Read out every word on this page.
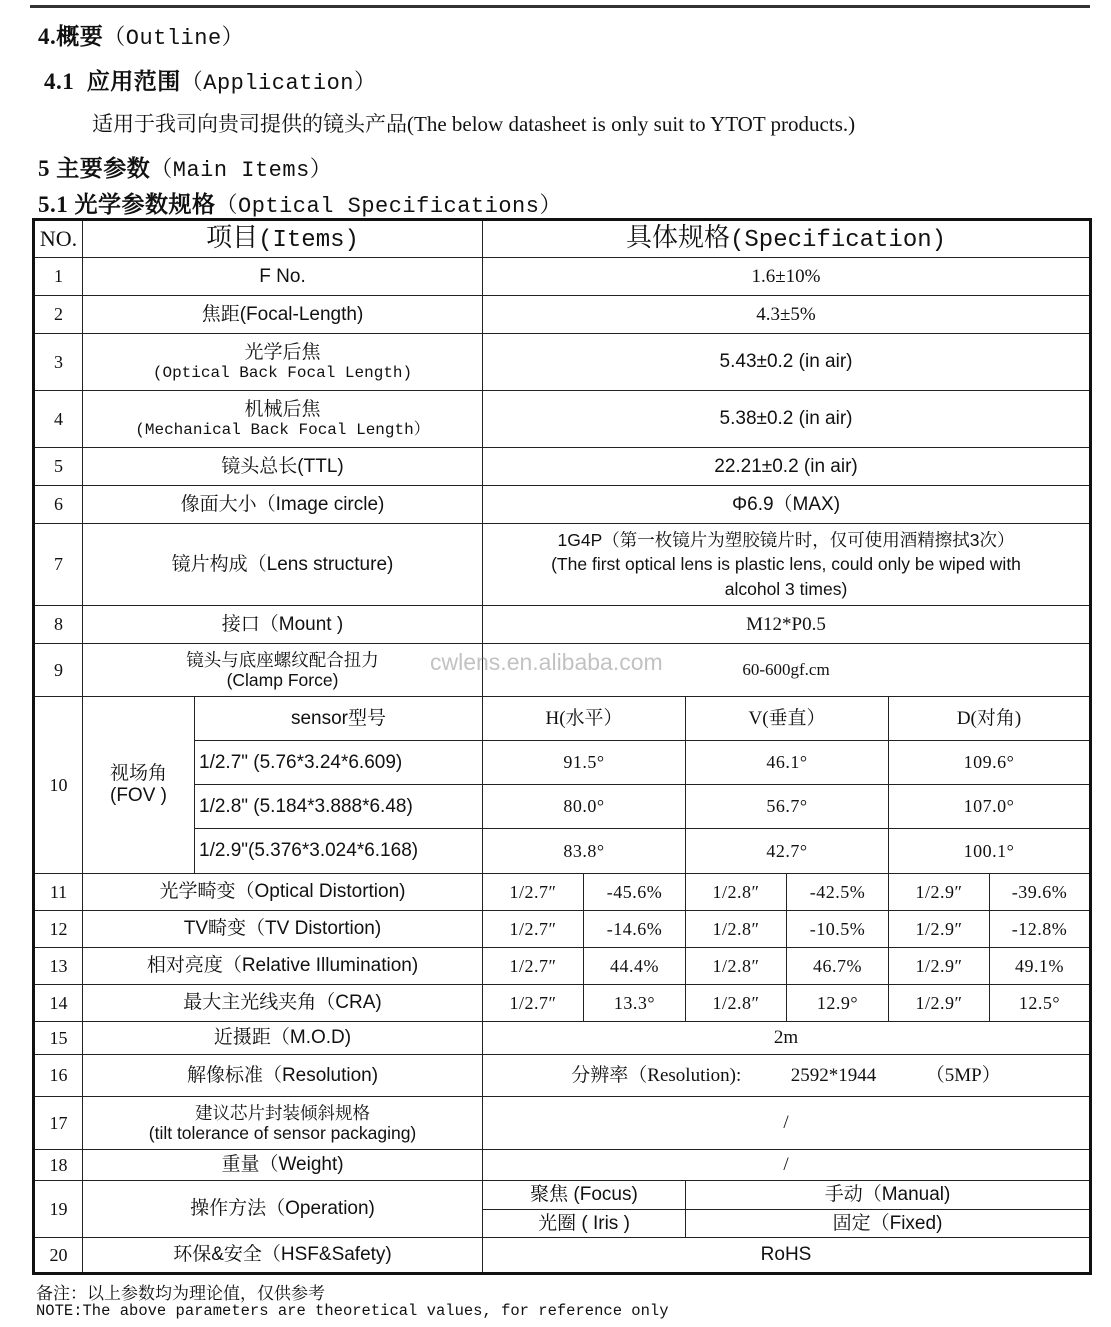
4.概要（Outline）
4.1 应用范围（Application）
适用于我司向贵司提供的镜头产品(The below datasheet is only suit to YTOT products.)
5 主要参数（Main Items）
5.1 光学参数规格（Optical Specifications）
NO.	项目(Items)		具体规格(Specification)					
1	F No.		1.6±10%					
2	焦距(Focal-Length)		4.3±5%					
3	光学后焦
(Optical Back Focal Length)		5.43±0.2 (in air)					
4	机械后焦
(Mechanical Back Focal Length）		5.38±0.2 (in air)					
5	镜头总长(TTL)		22.21±0.2 (in air)					
6	像面大小（Image circle)		Φ6.9（MAX)					
7	镜片构成（Lens structure)		1G4P（第一枚镜片为塑胶镜片时，仅可使用酒精擦拭3次）
(The first optical lens is plastic lens, could only be wiped with
alcohol 3 times)					

8	接口（Mount )		M12*P0.5					
9	镜头与底座螺纹配合扭力
(Clamp Force)		60-600gf.cm					
10	视场角
(FOV )	sensor型号	H(水平）		V(垂直）		D(对角)	
		1/2.7" (5.76*3.24*6.609)	91.5°		46.1°		109.6°	
		1/2.8" (5.184*3.888*6.48)	80.0°		56.7°		107.0°	
		1/2.9"(5.376*3.024*6.168)	83.8°		42.7°		100.1°	
11	光学畸变（Optical Distortion)		1/2.7″	-45.6%	1/2.8″	-42.5%	1/2.9″	-39.6%
12	TV畸变（TV Distortion)		1/2.7″	-14.6%	1/2.8″	-10.5%	1/2.9″	-12.8%
13	相对亮度（Relative Illumination)		1/2.7″	44.4%	1/2.8″	46.7%	1/2.9″	49.1%
14	最大主光线夹角（CRA)		1/2.7″	13.3°	1/2.8″	12.9°	1/2.9″	12.5°
15	近摄距（M.O.D)		2m					
16	解像标准（Resolution)		分辨率（Resolution): 2592*1944 （5MP）					
17	建议芯片封装倾斜规格
(tilt tolerance of sensor packaging)		/					
18	重量（Weight)		/					
19	操作方法（Operation)		聚焦 (Focus)		手动（Manual)			
			光圈 ( Iris )		固定（Fixed)			
20	环保&安全（HSF&Safety)		RoHS					
备注：以上参数均为理论值，仅供参考
NOTE:The above parameters are theoretical values, for reference only
cwlens.en.alibaba.com
